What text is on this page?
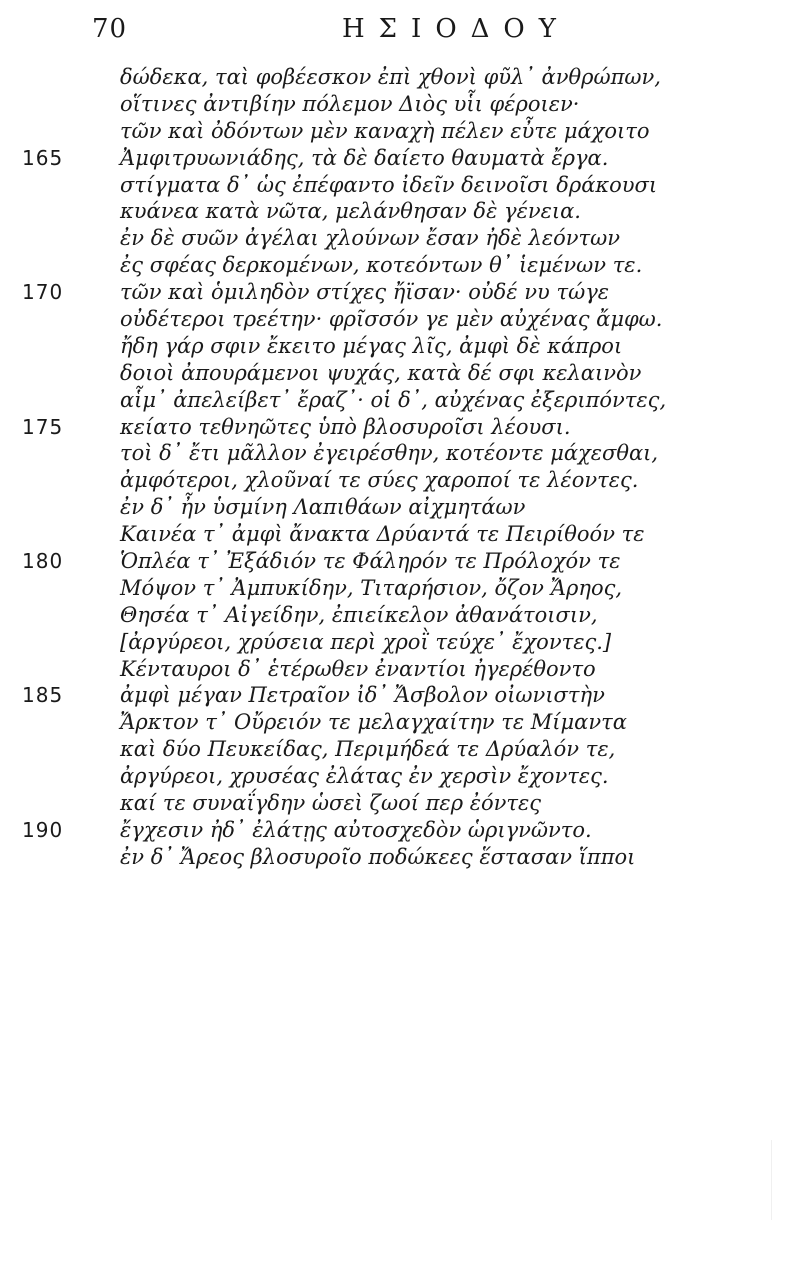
70	ΗΣΙΟΔΟΥ
δώδεκα, ταὶ φοβέεσκον ἐπὶ χθονὶ φῦλ᾽ ἀνθρώπων,
οἵτινες ἀντιβίην πόλεμον Διὸς υἷι φέροιεν·
τῶν καὶ ὀδόντων μὲν καναχὴ πέλεν εὖτε μάχοιτο
165	Ἀμφιτρυωνιάδης, τὰ δὲ δαίετο θαυματὰ ἔργα.
στίγματα δ᾽ ὡς ἐπέφαντο ἰδεῖν δεινοῖσι δράκουσι
κυάνεα κατὰ νῶτα, μελάνθησαν δὲ γένεια.
ἐν δὲ συῶν ἀγέλαι χλούνων ἔσαν ἠδὲ λεόντων
ἐς σφέας δερκομένων, κοτεόντων θ᾽ ἱεμένων τε.
170	τῶν καὶ ὁμιληδὸν στίχες ἤϊσαν· οὐδέ νυ τώγε
οὐδέτεροι τρεέτην· φρῖσσόν γε μὲν αὐχένας ἄμφω.
ἤδη γάρ σφιν ἔκειτο μέγας λῖς, ἀμφὶ δὲ κάπροι
δοιοὶ ἀπουράμενοι ψυχάς, κατὰ δέ σφι κελαινὸν
αἷμ᾽ ἀπελείβετ᾽ ἔραζ᾽· οἱ δ᾽, αὐχένας ἐξεριπόντες,
175	κείατο τεθνηῶτες ὑπὸ βλοσυροῖσι λέουσι.
τοὶ δ᾽ ἔτι μᾶλλον ἐγειρέσθην, κοτέοντε μάχεσθαι,
ἀμφότεροι, χλοῦναί τε σύες χαροποί τε λέοντες.
ἐν δ᾽ ἦν ὑσμίνη Λαπιθάων αἰχμητάων
Καινέα τ᾽ ἀμφὶ ἄνακτα Δρύαντά τε Πειρίθοόν τε
180	Ὁπλέα τ᾽ Ἐξάδιόν τε Φάληρόν τε Πρόλοχόν τε
Μόψον τ᾽ Ἀμπυκίδην, Τιταρήσιον, ὄζον Ἄρηος,
Θησέα τ᾽ Αἰγείδην, ἐπιείκελον ἀθανάτοισιν,
[ἀργύρεοι, χρύσεια περὶ χροῒ τεύχε᾽ ἔχοντες.]
Κένταυροι δ᾽ ἑτέρωθεν ἐναντίοι ἠγερέθοντο
185	ἀμφὶ μέγαν Πετραῖον ἰδ᾽ Ἄσβολον οἰωνιστὴν
Ἄρκτον τ᾽ Οὔρειόν τε μελαγχαίτην τε Μίμαντα
καὶ δύο Πευκείδας, Περιμήδεά τε Δρύαλόν τε,
ἀργύρεοι, χρυσέας ἐλάτας ἐν χερσὶν ἔχοντες.
καί τε συναΐγδην ὡσεὶ ζωοί περ ἐόντες
190	ἔγχεσιν ἠδ᾽ ἐλάτῃς αὐτοσχεδὸν ὡριγνῶντο.
ἐν δ᾽ Ἄρεος βλοσυροῖο ποδώκεες ἕστασαν ἵπποι
